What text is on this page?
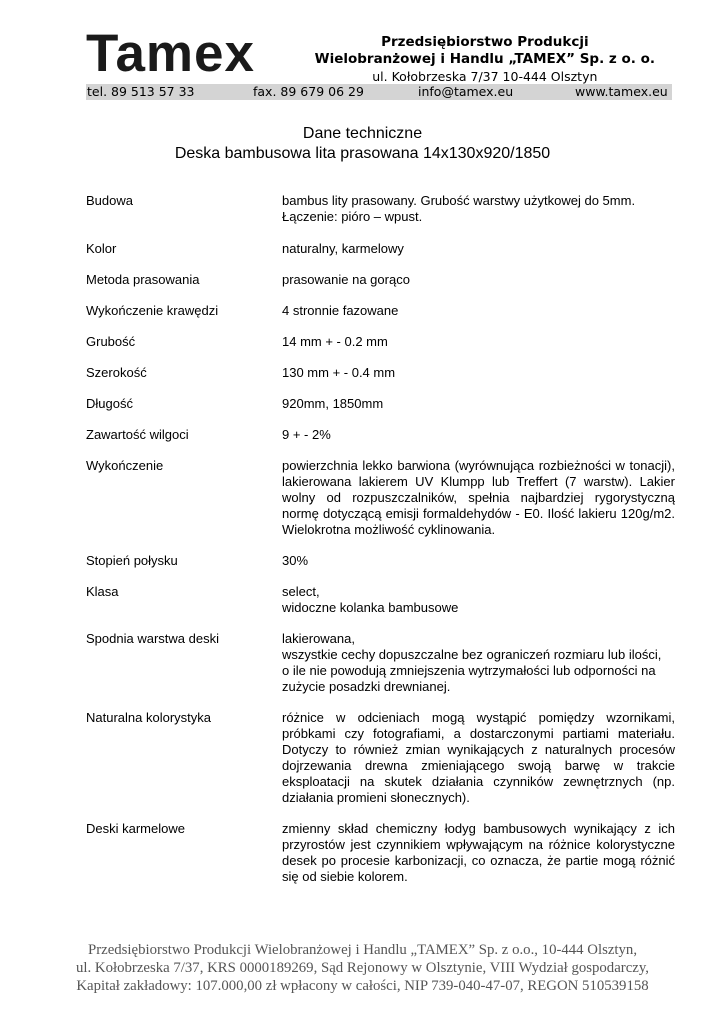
Tamex	Przedsiębiorstwo Produkcji
Wielobranżowej i Handlu „TAMEX” Sp. z o. o.
ul. Kołobrzeska 7/37 10-444 Olsztyn
tel. 89 513 57 33	fax. 89 679 06 29	info@tamex.eu	www.tamex.eu
Dane techniczne
Deska bambusowa lita prasowana 14x130x920/1850
Budowa	bambus lity prasowany. Grubość warstwy użytkowej do 5mm.
Łączenie: pióro – wpust.
Kolor	naturalny, karmelowy
Metoda prasowania	prasowanie na gorąco
Wykończenie krawędzi	4 stronnie fazowane
Grubość	14 mm + - 0.2 mm
Szerokość	130 mm + - 0.4 mm
Długość	920mm, 1850mm
Zawartość wilgoci	9 + - 2%
Wykończenie	powierzchnia lekko barwiona (wyrównująca rozbieżności w tonacji), lakierowana lakierem UV Klumpp lub Treffert (7 warstw). Lakier wolny od rozpuszczalników, spełnia najbardziej rygorystyczną normę dotyczącą emisji formaldehydów - E0. Ilość lakieru 120g/m2. Wielokrotna możliwość cyklinowania.
Stopień połysku	30%
Klasa	select,
widoczne kolanka bambusowe
Spodnia warstwa deski	lakierowana,
wszystkie cechy dopuszczalne bez ograniczeń rozmiaru lub ilości,
o ile nie powodują zmniejszenia wytrzymałości lub odporności na
zużycie posadzki drewnianej.
Naturalna kolorystyka	różnice w odcieniach mogą wystąpić pomiędzy wzornikami, próbkami czy fotografiami, a dostarczonymi partiami materiału. Dotyczy to również zmian wynikających z naturalnych procesów dojrzewania drewna zmieniającego swoją barwę w trakcie eksploatacji na skutek działania czynników zewnętrznych (np. działania promieni słonecznych).
Deski karmelowe	zmienny skład chemiczny łodyg bambusowych wynikający z ich przyrostów jest czynnikiem wpływającym na różnice kolorystyczne desek po procesie karbonizacji, co oznacza, że partie mogą różnić się od siebie kolorem.
Przedsiębiorstwo Produkcji Wielobranżowej i Handlu „TAMEX” Sp. z o.o., 10-444 Olsztyn,
ul. Kołobrzeska 7/37, KRS 0000189269, Sąd Rejonowy w Olsztynie, VIII Wydział gospodarczy,
Kapitał zakładowy: 107.000,00 zł wpłacony w całości, NIP 739-040-47-07, REGON 510539158
